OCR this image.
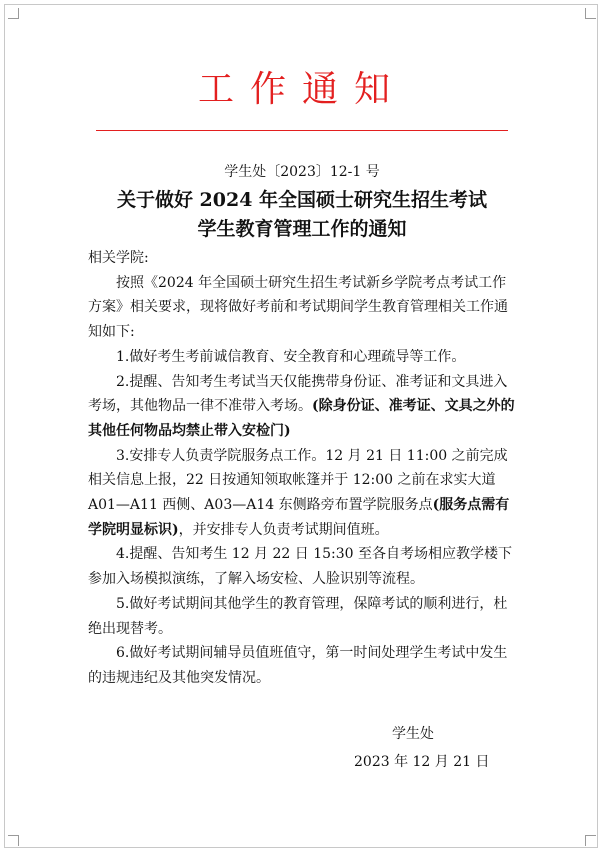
工作通知
学生处〔2023〕12-1 号
关于做好 2024 年全国硕士研究生招生考试
学生教育管理工作的通知

相关学院:

按照《2024 年全国硕士研究生招生考试新乡学院考点考试工作方案》相关要求，现将做好考前和考试期间学生教育管理相关工作通知如下:

1.做好考生考前诚信教育、安全教育和心理疏导等工作。

2.提醒、告知考生考试当天仅能携带身份证、准考证和文具进入考场，其他物品一律不准带入考场。(除身份证、准考证、文具之外的其他任何物品均禁止带入安检门)

3.安排专人负责学院服务点工作。12 月 21 日 11:00 之前完成相关信息上报，22 日按通知领取帐篷并于 12:00 之前在求实大道 A01—A11 西侧、A03—A14 东侧路旁布置学院服务点(服务点需有学院明显标识)，并安排专人负责考试期间值班。

4.提醒、告知考生 12 月 22 日 15:30 至各自考场相应教学楼下参加入场模拟演练，了解入场安检、人脸识别等流程。

5.做好考试期间其他学生的教育管理，保障考试的顺利进行，杜绝出现替考。

6.做好考试期间辅导员值班值守，第一时间处理学生考试中发生的违规违纪及其他突发情况。

学生处
2023 年 12 月 21 日
